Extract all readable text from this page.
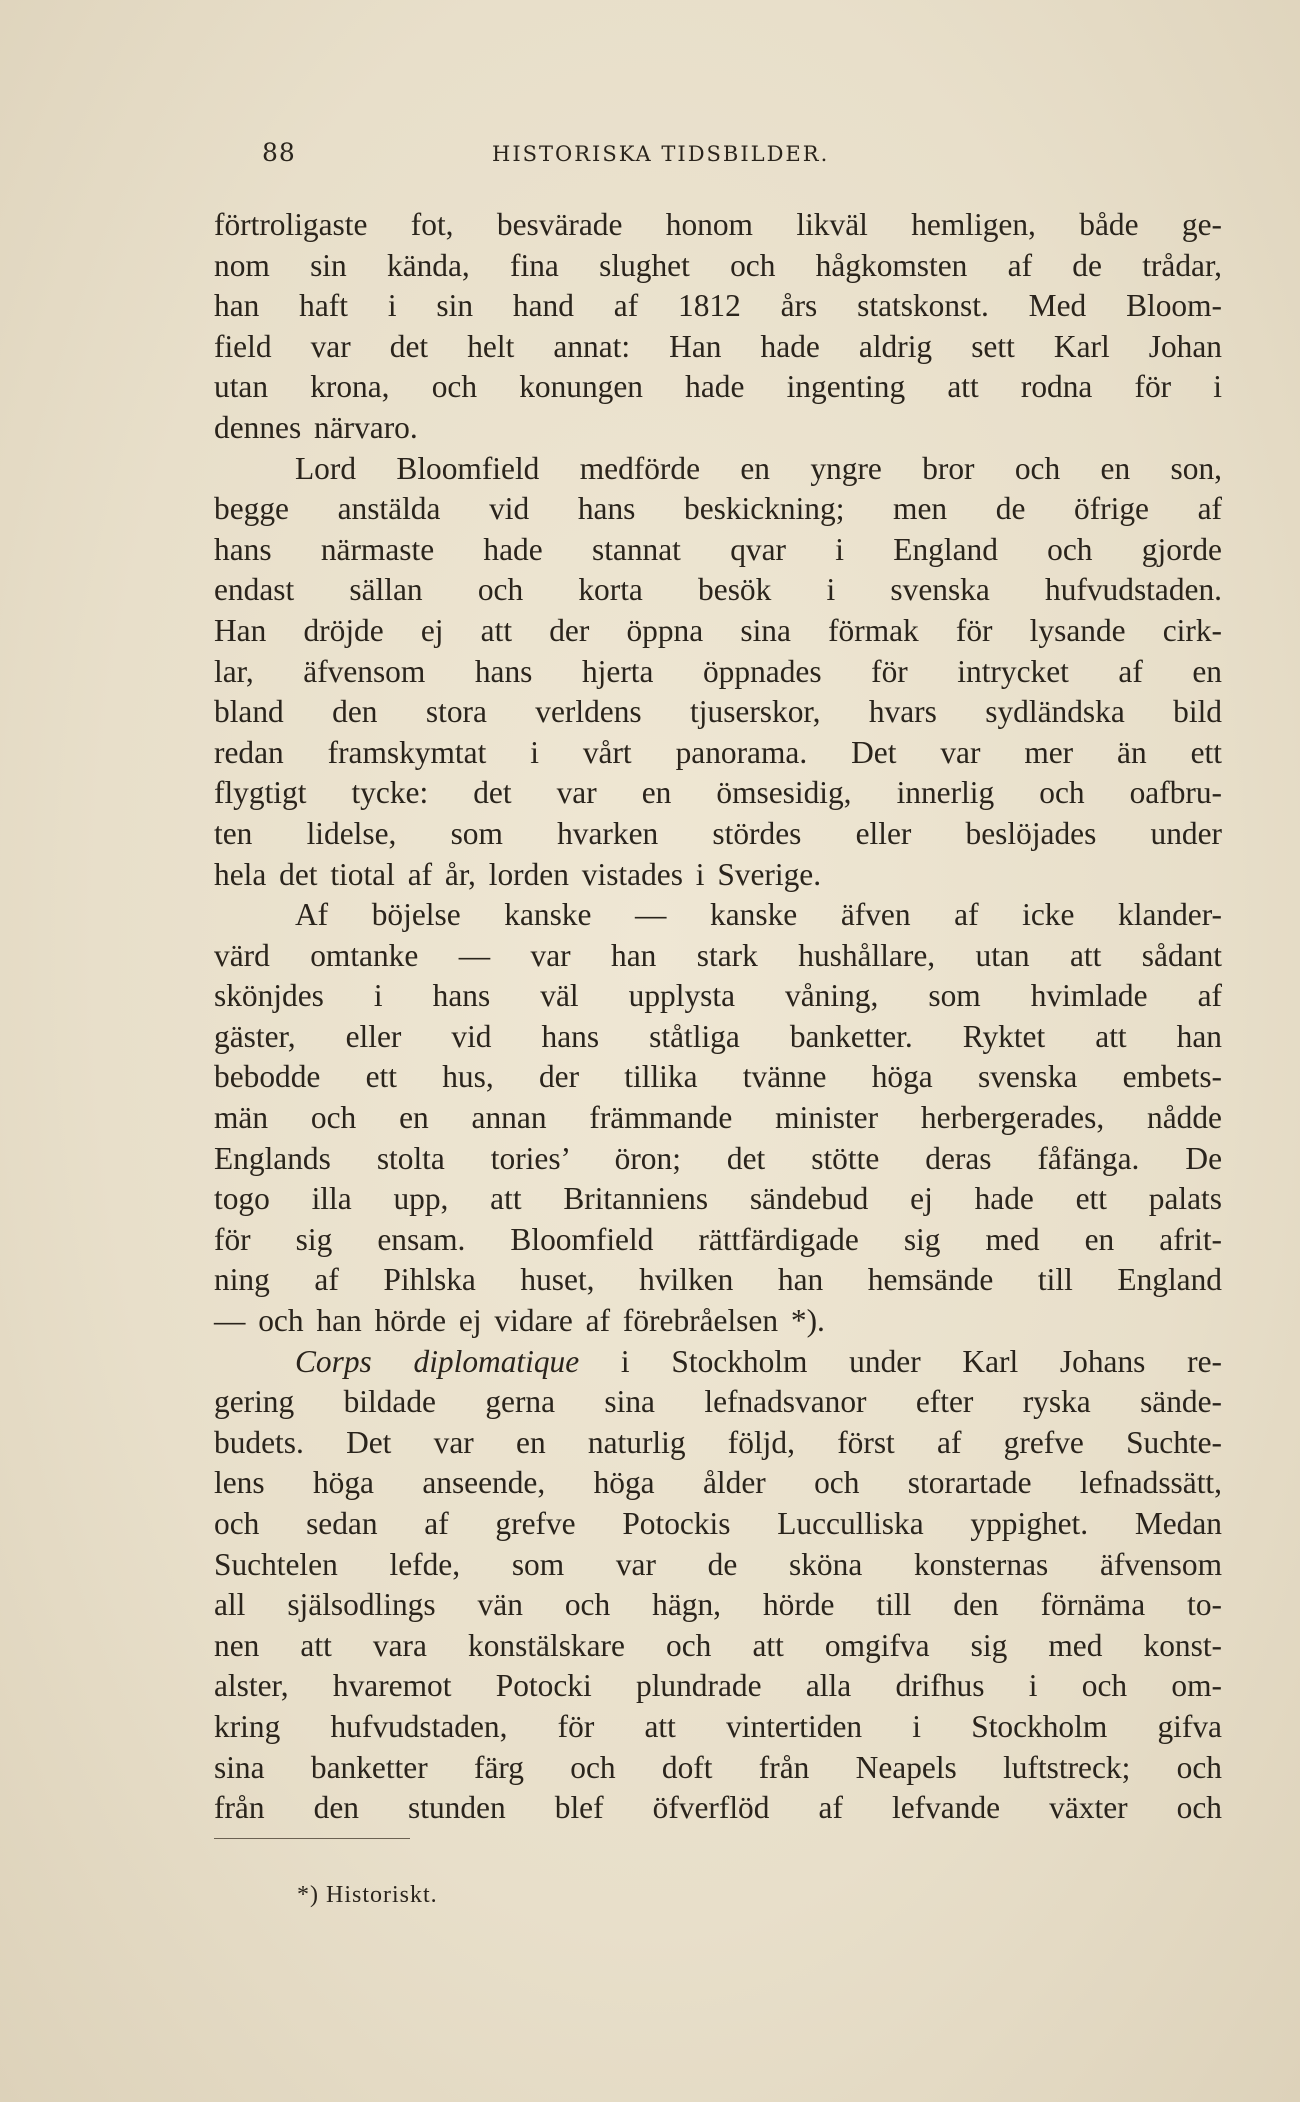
88	HISTORISKA TIDSBILDER.
förtroligaste fot, besvärade honom likväl hemligen, både ge-
nom sin kända, fina slughet och hågkomsten af de trådar,
han haft i sin hand af 1812 års statskonst. Med Bloom-
field var det helt annat: Han hade aldrig sett Karl Johan
utan krona, och konungen hade ingenting att rodna för i
dennes närvaro.
Lord Bloomfield medförde en yngre bror och en son,
begge anstälda vid hans beskickning; men de öfrige af
hans närmaste hade stannat qvar i England och gjorde
endast sällan och korta besök i svenska hufvudstaden.
Han dröjde ej att der öppna sina förmak för lysande cirk-
lar, äfvensom hans hjerta öppnades för intrycket af en
bland den stora verldens tjuserskor, hvars sydländska bild
redan framskymtat i vårt panorama. Det var mer än ett
flygtigt tycke: det var en ömsesidig, innerlig och oafbru-
ten lidelse, som hvarken stördes eller beslöjades under
hela det tiotal af år, lorden vistades i Sverige.
Af böjelse kanske — kanske äfven af icke klander-
värd omtanke — var han stark hushållare, utan att sådant
skönjdes i hans väl upplysta våning, som hvimlade af
gäster, eller vid hans ståtliga banketter. Ryktet att han
bebodde ett hus, der tillika tvänne höga svenska embets-
män och en annan främmande minister herbergerades, nådde
Englands stolta tories’ öron; det stötte deras fåfänga. De
togo illa upp, att Britanniens sändebud ej hade ett palats
för sig ensam. Bloomfield rättfärdigade sig med en afrit-
ning af Pihlska huset, hvilken han hemsände till England
— och han hörde ej vidare af förebråelsen *).
Corps diplomatique i Stockholm under Karl Johans re-
gering bildade gerna sina lefnadsvanor efter ryska sände-
budets. Det var en naturlig följd, först af grefve Suchte-
lens höga anseende, höga ålder och storartade lefnadssätt,
och sedan af grefve Potockis Lucculliska yppighet. Medan
Suchtelen lefde, som var de sköna konsternas äfvensom
all själsodlings vän och hägn, hörde till den förnäma to-
nen att vara konstälskare och att omgifva sig med konst-
alster, hvaremot Potocki plundrade alla drifhus i och om-
kring hufvudstaden, för att vintertiden i Stockholm gifva
sina banketter färg och doft från Neapels luftstreck; och
från den stunden blef öfverflöd af lefvande växter och
*) Historiskt.
